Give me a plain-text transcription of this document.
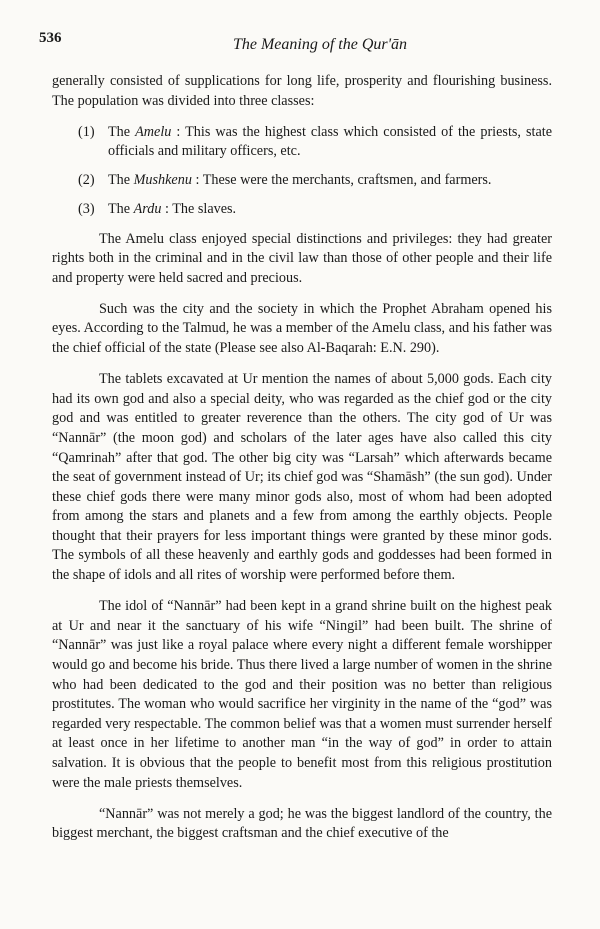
536	The Meaning of the Qur'ān

generally consisted of supplications for long life, prosperity and flourishing business. The population was divided into three classes:

(1) The Amelu : This was the highest class which consisted of the priests, state officials and military officers, etc.
(2) The Mushkenu : These were the merchants, craftsmen, and farmers.
(3) The Ardu : The slaves.

The Amelu class enjoyed special distinctions and privileges: they had greater rights both in the criminal and in the civil law than those of other people and their life and property were held sacred and precious.

Such was the city and the society in which the Prophet Abraham opened his eyes. According to the Talmud, he was a member of the Amelu class, and his father was the chief official of the state (Please see also Al-Baqarah: E.N. 290).

The tablets excavated at Ur mention the names of about 5,000 gods. Each city had its own god and also a special deity, who was regarded as the chief god or the city god and was entitled to greater reverence than the others. The city god of Ur was “Nannār” (the moon god) and scholars of the later ages have also called this city “Qamrinah” after that god. The other big city was “Larsah” which afterwards became the seat of government instead of Ur; its chief god was “Shamāsh” (the sun god). Under these chief gods there were many minor gods also, most of whom had been adopted from among the stars and planets and a few from among the earthly objects. People thought that their prayers for less important things were granted by these minor gods. The symbols of all these heavenly and earthly gods and goddesses had been formed in the shape of idols and all rites of worship were performed before them.

The idol of “Nannār” had been kept in a grand shrine built on the highest peak at Ur and near it the sanctuary of his wife “Ningil” had been built. The shrine of “Nannār” was just like a royal palace where every night a different female worshipper would go and become his bride. Thus there lived a large number of women in the shrine who had been dedicated to the god and their position was no better than religious prostitutes. The woman who would sacrifice her virginity in the name of the “god” was regarded very respectable. The common belief was that a women must surrender herself at least once in her lifetime to another man “in the way of god” in order to attain salvation. It is obvious that the people to benefit most from this religious prostitution were the male priests themselves.

“Nannār” was not merely a god; he was the biggest landlord of the country, the biggest merchant, the biggest craftsman and the chief executive of the
